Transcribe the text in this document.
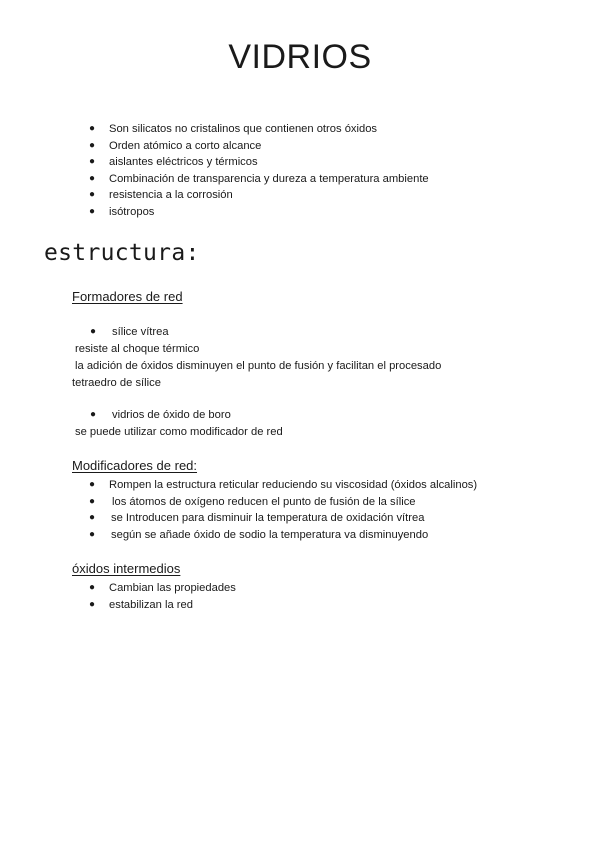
VIDRIOS
● Son silicatos no cristalinos que contienen otros óxidos
● Orden atómico a corto alcance
● aislantes eléctricos y térmicos
● Combinación de transparencia y dureza a temperatura ambiente
● resistencia a la corrosión
● isótropos
estructura:
Formadores de red
● sílice vítrea
resiste al choque térmico
la adición de óxidos disminuyen el punto de fusión y facilitan el procesado
tetraedro de sílice
● vidrios de óxido de boro
se puede utilizar como modificador de red
Modificadores de red:
● Rompen la estructura reticular reduciendo su viscosidad (óxidos alcalinos)
● los átomos de oxígeno reducen el punto de fusión de la sílice
● se Introducen para disminuir la temperatura de oxidación vítrea
● según se añade óxido de sodio la temperatura va disminuyendo
óxidos intermedios
● Cambian las propiedades
● estabilizan la red
